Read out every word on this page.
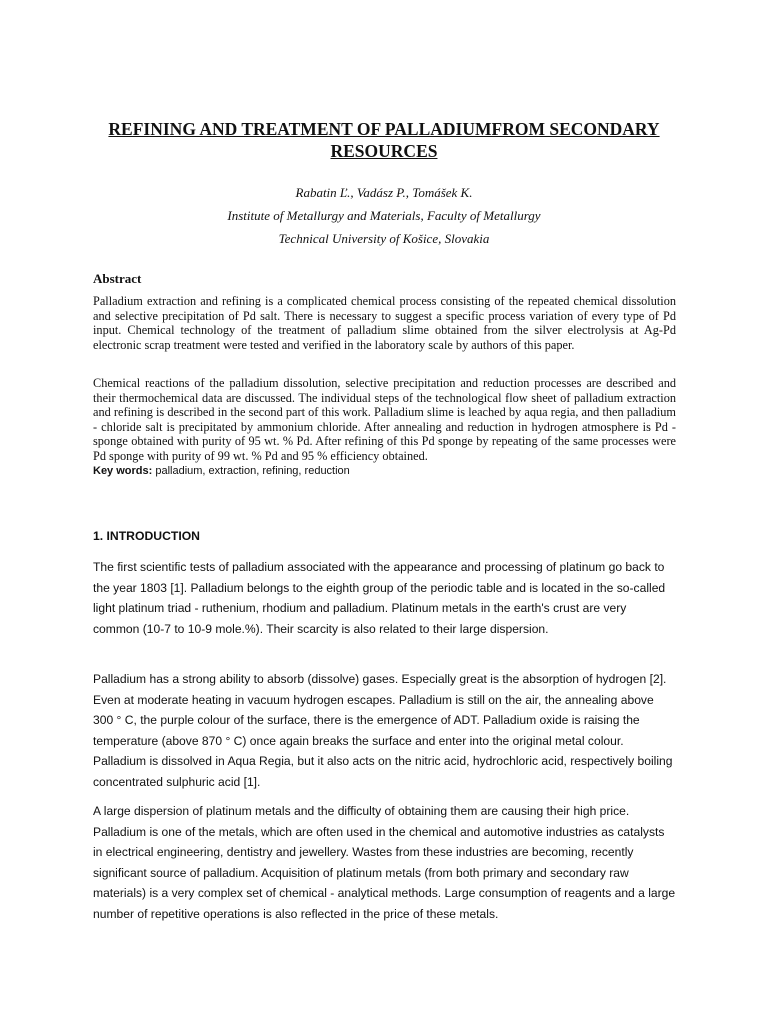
REFINING AND TREATMENT OF PALLADIUMFROM SECONDARY
RESOURCES
Rabatin Ľ., Vadász P., Tomášek K.
Institute of Metallurgy and Materials, Faculty of Metallurgy
Technical University of Košice, Slovakia
Abstract
Palladium extraction and refining is a complicated chemical process consisting of the repeated chemical dissolution and selective precipitation of Pd salt. There is necessary to suggest a specific process variation of every type of Pd input. Chemical technology of the treatment of palladium slime obtained from the silver electrolysis at Ag-Pd electronic scrap treatment were tested and verified in the laboratory scale by authors of this paper.
Chemical reactions of the palladium dissolution, selective precipitation and reduction processes are described and their thermochemical data are discussed. The individual steps of the technological flow sheet of palladium extraction and refining is described in the second part of this work. Palladium slime is leached by aqua regia, and then palladium - chloride salt is precipitated by ammonium chloride. After annealing and reduction in hydrogen atmosphere is Pd - sponge obtained with purity of 95 wt. % Pd. After refining of this Pd sponge by repeating of the same processes were Pd sponge with purity of 99 wt. % Pd and 95 % efficiency obtained.
Key words: palladium, extraction, refining, reduction
1. INTRODUCTION
The first scientific tests of palladium associated with the appearance and processing of platinum go back to the year 1803 [1]. Palladium belongs to the eighth group of the periodic table and is located in the so-called light platinum triad - ruthenium, rhodium and palladium. Platinum metals in the earth's crust are very common (10-7 to 10-9 mole.%). Their scarcity is also related to their large dispersion.
Palladium has a strong ability to absorb (dissolve) gases. Especially great is the absorption of hydrogen [2]. Even at moderate heating in vacuum hydrogen escapes. Palladium is still on the air, the annealing above 300 ° C, the purple colour of the surface, there is the emergence of ADT. Palladium oxide is raising the temperature (above 870 ° C) once again breaks the surface and enter into the original metal colour. Palladium is dissolved in Aqua Regia, but it also acts on the nitric acid, hydrochloric acid, respectively boiling concentrated sulphuric acid [1].
A large dispersion of platinum metals and the difficulty of obtaining them are causing their high price. Palladium is one of the metals, which are often used in the chemical and automotive industries as catalysts in electrical engineering, dentistry and jewellery. Wastes from these industries are becoming, recently significant source of palladium. Acquisition of platinum metals (from both primary and secondary raw materials) is a very complex set of chemical - analytical methods. Large consumption of reagents and a large number of repetitive operations is also reflected in the price of these metals.
